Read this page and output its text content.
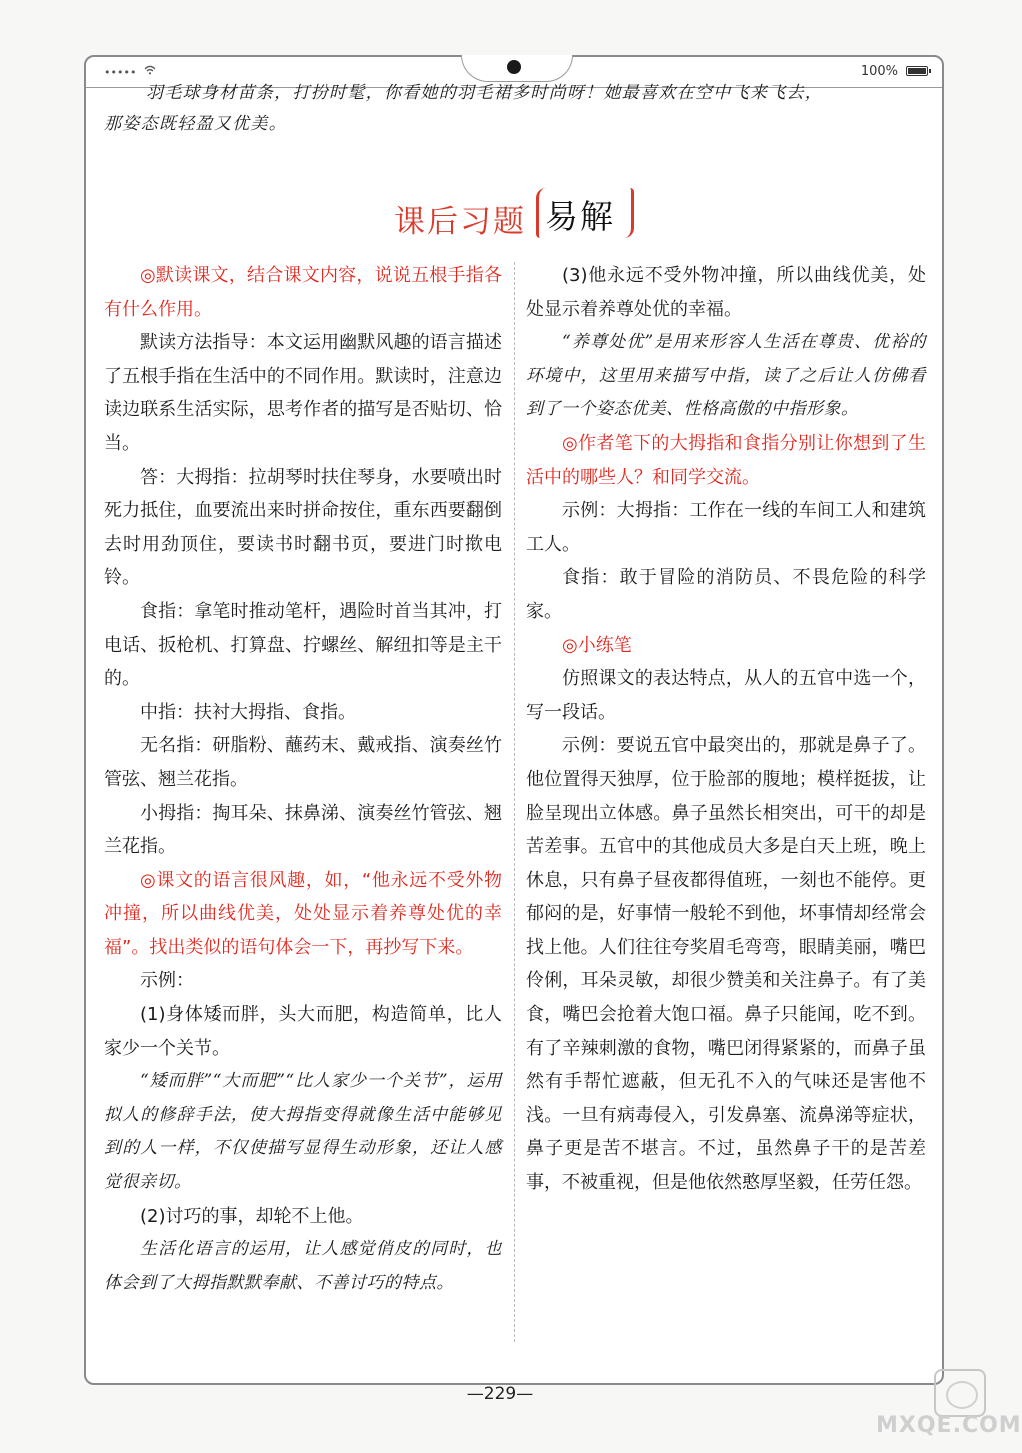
•••••	100%

羽毛球身材苗条，打扮时髦，你看她的羽毛裙多时尚呀！她最喜欢在空中飞来飞去，

那姿态既轻盈又优美。

课后习题 易解

◎默读课文，结合课文内容，说说五根手指各有什么作用。

默读方法指导：本文运用幽默风趣的语言描述了五根手指在生活中的不同作用。默读时，注意边读边联系生活实际，思考作者的描写是否贴切、恰当。

答：大拇指：拉胡琴时扶住琴身，水要喷出时死力抵住，血要流出来时拼命按住，重东西要翻倒去时用劲顶住，要读书时翻书页，要进门时揿电铃。

食指：拿笔时推动笔杆，遇险时首当其冲，打电话、扳枪机、打算盘、拧螺丝、解纽扣等是主干的。

中指：扶衬大拇指、食指。

无名指：研脂粉、蘸药末、戴戒指、演奏丝竹管弦、翘兰花指。

小拇指：掏耳朵、抹鼻涕、演奏丝竹管弦、翘兰花指。

◎课文的语言很风趣，如，“他永远不受外物冲撞，所以曲线优美，处处显示着养尊处优的幸福”。找出类似的语句体会一下，再抄写下来。

示例：

(1)身体矮而胖，头大而肥，构造简单，比人家少一个关节。

“矮而胖”“大而肥”“比人家少一个关节”，运用拟人的修辞手法，使大拇指变得就像生活中能够见到的人一样，不仅使描写显得生动形象，还让人感觉很亲切。

(2)讨巧的事，却轮不上他。

生活化语言的运用，让人感觉俏皮的同时，也体会到了大拇指默默奉献、不善讨巧的特点。

(3)他永远不受外物冲撞，所以曲线优美，处处显示着养尊处优的幸福。

“养尊处优”是用来形容人生活在尊贵、优裕的环境中，这里用来描写中指，读了之后让人仿佛看到了一个姿态优美、性格高傲的中指形象。

◎作者笔下的大拇指和食指分别让你想到了生活中的哪些人？和同学交流。

示例：大拇指：工作在一线的车间工人和建筑工人。

食指：敢于冒险的消防员、不畏危险的科学家。

◎小练笔

仿照课文的表达特点，从人的五官中选一个，写一段话。

示例：要说五官中最突出的，那就是鼻子了。他位置得天独厚，位于脸部的腹地；模样挺拔，让脸呈现出立体感。鼻子虽然长相突出，可干的却是苦差事。五官中的其他成员大多是白天上班，晚上休息，只有鼻子昼夜都得值班，一刻也不能停。更郁闷的是，好事情一般轮不到他，坏事情却经常会找上他。人们往往夸奖眉毛弯弯，眼睛美丽，嘴巴伶俐，耳朵灵敏，却很少赞美和关注鼻子。有了美食，嘴巴会抢着大饱口福。鼻子只能闻，吃不到。有了辛辣刺激的食物，嘴巴闭得紧紧的，而鼻子虽然有手帮忙遮蔽，但无孔不入的气味还是害他不浅。一旦有病毒侵入，引发鼻塞、流鼻涕等症状，鼻子更是苦不堪言。不过，虽然鼻子干的是苦差事，不被重视，但是他依然憨厚坚毅，任劳任怨。

—229—
MXQE.COM
